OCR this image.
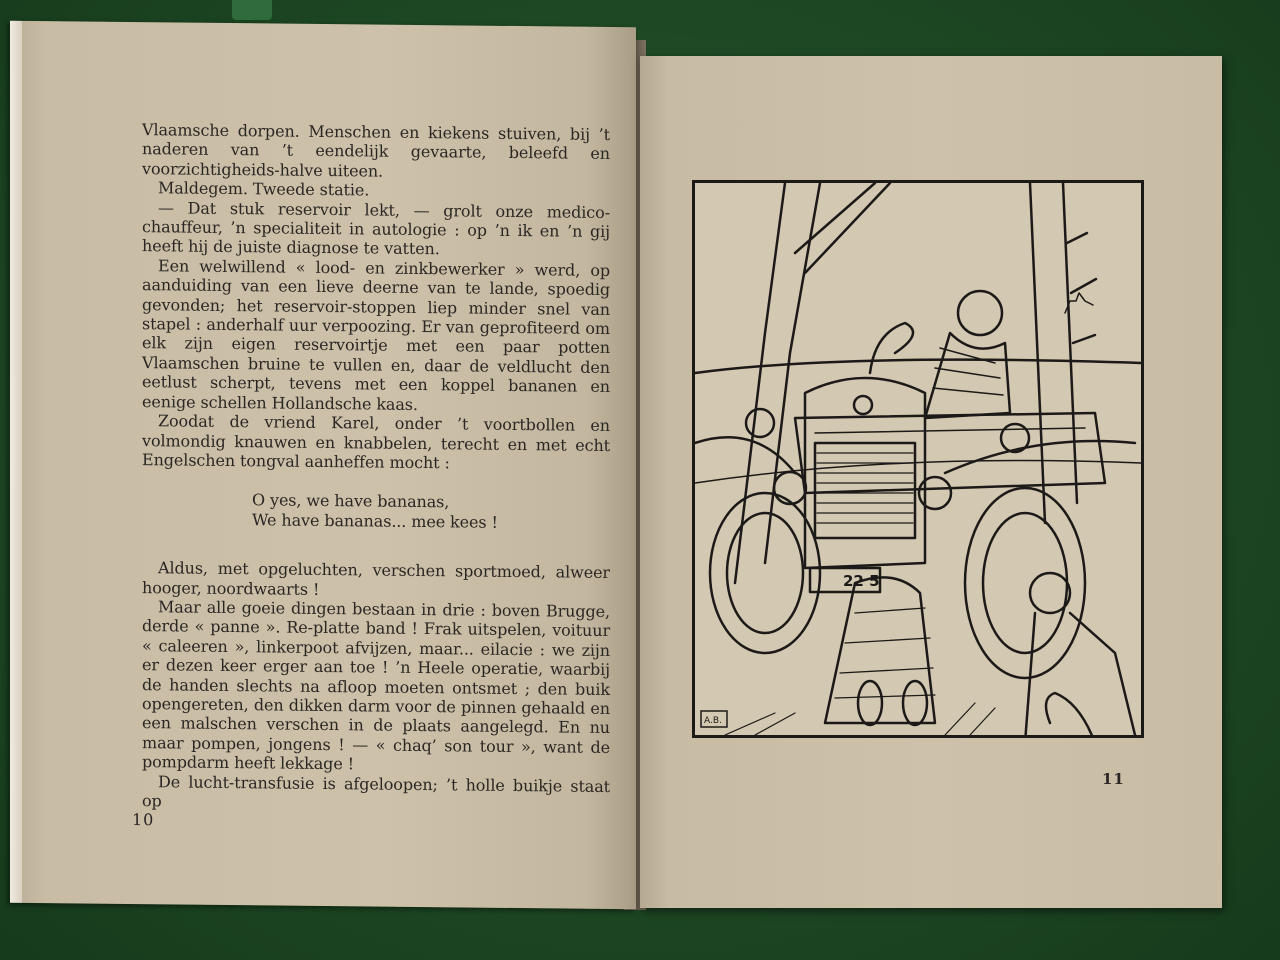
Vlaamsche dorpen. Menschen en kiekens stuiven, bij ’t naderen van ’t eendelijk gevaarte, beleefd en voorzichtigheids-halve uiteen.

Maldegem. Tweede statie.

— Dat stuk reservoir lekt, — grolt onze medico-chauffeur, ’n specialiteit in autologie : op ’n ik en ’n gij heeft hij de juiste diagnose te vatten.

Een welwillend « lood- en zinkbewerker » werd, op aanduiding van een lieve deerne van te lande, spoedig gevonden; het reservoir-stoppen liep minder snel van stapel : anderhalf uur verpoozing. Er van geprofiteerd om elk zijn eigen reservoirtje met een paar potten Vlaamschen bruine te vullen en, daar de veldlucht den eetlust scherpt, tevens met een koppel bananen en eenige schellen Hollandsche kaas.

Zoodat de vriend Karel, onder ’t voortbollen en volmondig knauwen en knabbelen, terecht en met echt Engelschen tongval aanheffen mocht :

O yes, we have bananas,
We have bananas... mee kees !

Aldus, met opgeluchten, verschen sportmoed, alweer hooger, noordwaarts !

Maar alle goeie dingen bestaan in drie : boven Brugge, derde « panne ». Re-platte band ! Frak uitspelen, voituur « caleeren », linkerpoot afvijzen, maar... eilacie : we zijn er dezen keer erger aan toe ! ’n Heele operatie, waarbij de handen slechts na afloop moeten ontsmet ; den buik opengereten, den dikken darm voor de pinnen gehaald en een malschen verschen in de plaats aangelegd. En nu maar pompen, jongens ! — « chaq’ son tour », want de pompdarm heeft lekkage !

De lucht-transfusie is afgeloopen; ’t holle buikje staat op

10
22 5
A.B.
11
